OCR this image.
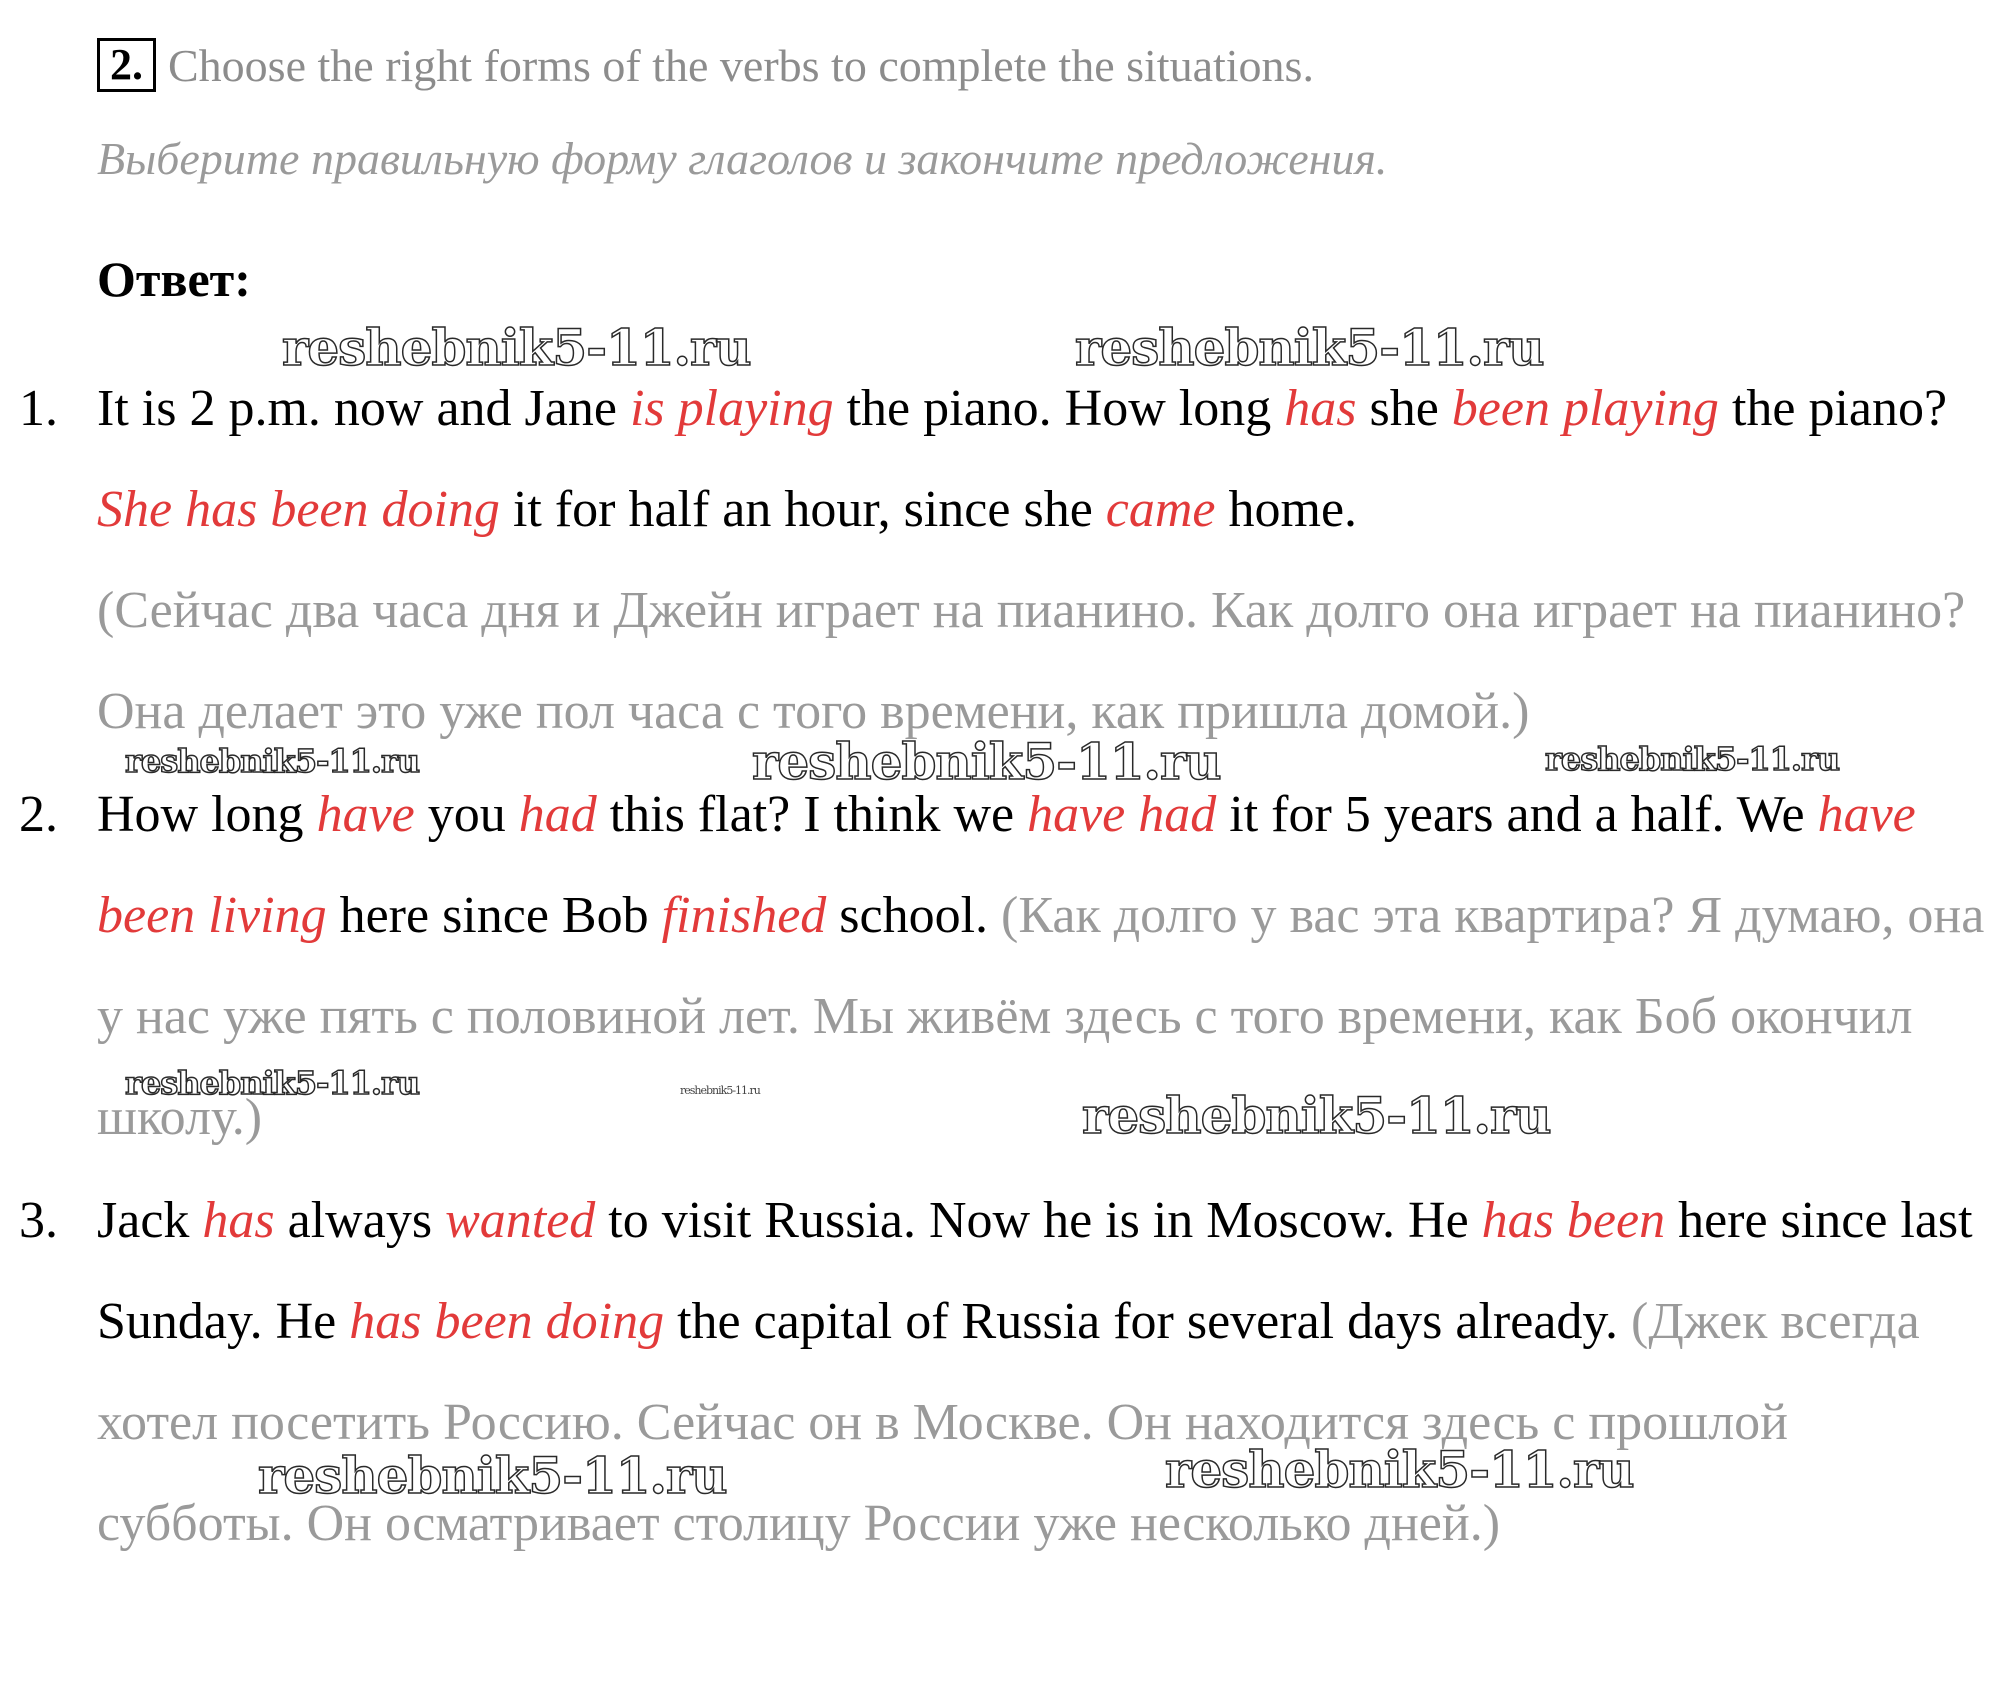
2. Choose the right forms of the verbs to complete the situations.
Выберите правильную форму глаголов и закончите предложения.
Ответ:
1. It is 2 p.m. now and Jane is playing the piano. How long has she been playing the piano? She has been doing it for half an hour, since she came home.
(Сейчас два часа дня и Джейн играет на пианино. Как долго она играет на пианино? Она делает это уже пол часа с того времени, как пришла домой.)
2. How long have you had this flat? I think we have had it for 5 years and a half. We have been living here since Bob finished school. (Как долго у вас эта квартира? Я думаю, она у нас уже пять с половиной лет. Мы живём здесь с того времени, как Боб окончил школу.)
3. Jack has always wanted to visit Russia. Now he is in Moscow. He has been here since last Sunday. He has been doing the capital of Russia for several days already. (Джек всегда хотел посетить Россию. Сейчас он в Москве. Он находится здесь с прошлой субботы. Он осматривает столицу России уже несколько дней.)
reshebnik5-11.ru	reshebnik5-11.ru
reshebnik5-11.ru	reshebnik5-11.ru	reshebnik5-11.ru
reshebnik5-11.ru	reshebnik5-11.ru	reshebnik5-11.ru
reshebnik5-11.ru	reshebnik5-11.ru
